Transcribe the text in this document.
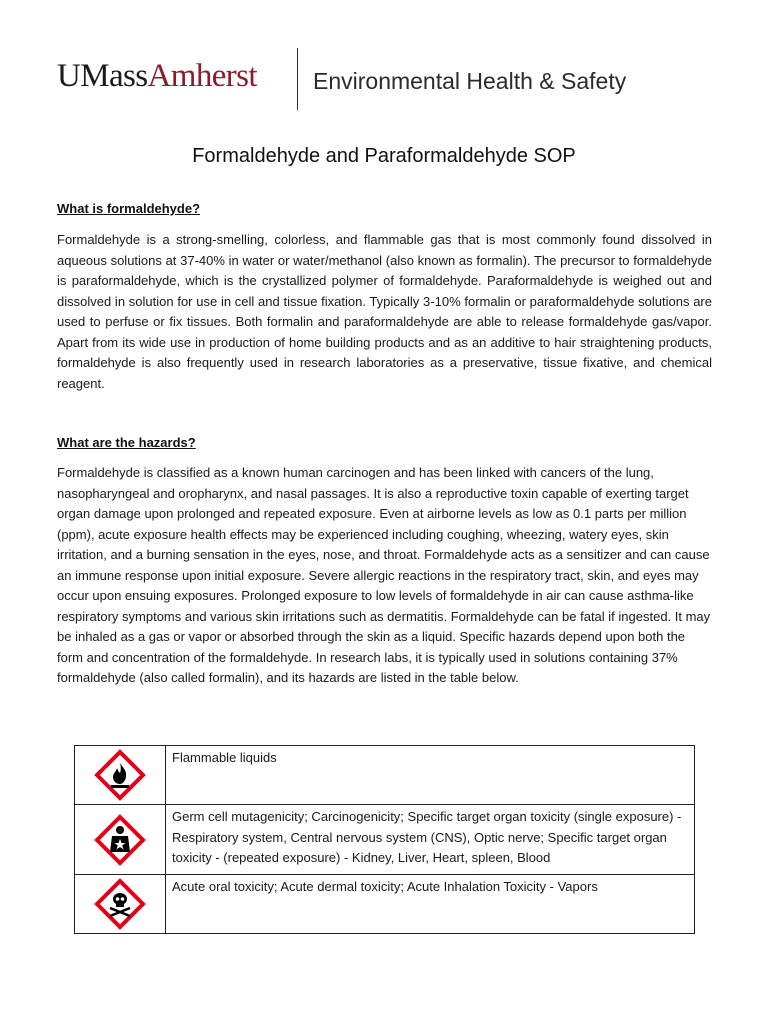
UMassAmherst Environmental Health & Safety
Formaldehyde and Paraformaldehyde SOP
What is formaldehyde?
Formaldehyde is a strong-smelling, colorless, and flammable gas that is most commonly found dissolved in aqueous solutions at 37-40% in water or water/methanol (also known as formalin). The precursor to formaldehyde is paraformaldehyde, which is the crystallized polymer of formaldehyde. Paraformaldehyde is weighed out and dissolved in solution for use in cell and tissue fixation. Typically 3-10% formalin or paraformaldehyde solutions are used to perfuse or fix tissues. Both formalin and paraformaldehyde are able to release formaldehyde gas/vapor. Apart from its wide use in production of home building products and as an additive to hair straightening products, formaldehyde is also frequently used in research laboratories as a preservative, tissue fixative, and chemical reagent.
What are the hazards?
Formaldehyde is classified as a known human carcinogen and has been linked with cancers of the lung, nasopharyngeal and oropharynx, and nasal passages. It is also a reproductive toxin capable of exerting target organ damage upon prolonged and repeated exposure. Even at airborne levels as low as 0.1 parts per million (ppm), acute exposure health effects may be experienced including coughing, wheezing, watery eyes, skin irritation, and a burning sensation in the eyes, nose, and throat. Formaldehyde acts as a sensitizer and can cause an immune response upon initial exposure. Severe allergic reactions in the respiratory tract, skin, and eyes may occur upon ensuing exposures. Prolonged exposure to low levels of formaldehyde in air can cause asthma-like respiratory symptoms and various skin irritations such as dermatitis. Formaldehyde can be fatal if ingested. It may be inhaled as a gas or vapor or absorbed through the skin as a liquid. Specific hazards depend upon both the form and concentration of the formaldehyde. In research labs, it is typically used in solutions containing 37% formaldehyde (also called formalin), and its hazards are listed in the table below.
	Flammable liquids

	Germ cell mutagenicity; Carcinogenicity; Specific target organ toxicity (single exposure) - Respiratory system, Central nervous system (CNS), Optic nerve; Specific target organ toxicity - (repeated exposure) - Kidney, Liver, Heart, spleen, Blood

	Acute oral toxicity; Acute dermal toxicity; Acute Inhalation Toxicity - Vapors
